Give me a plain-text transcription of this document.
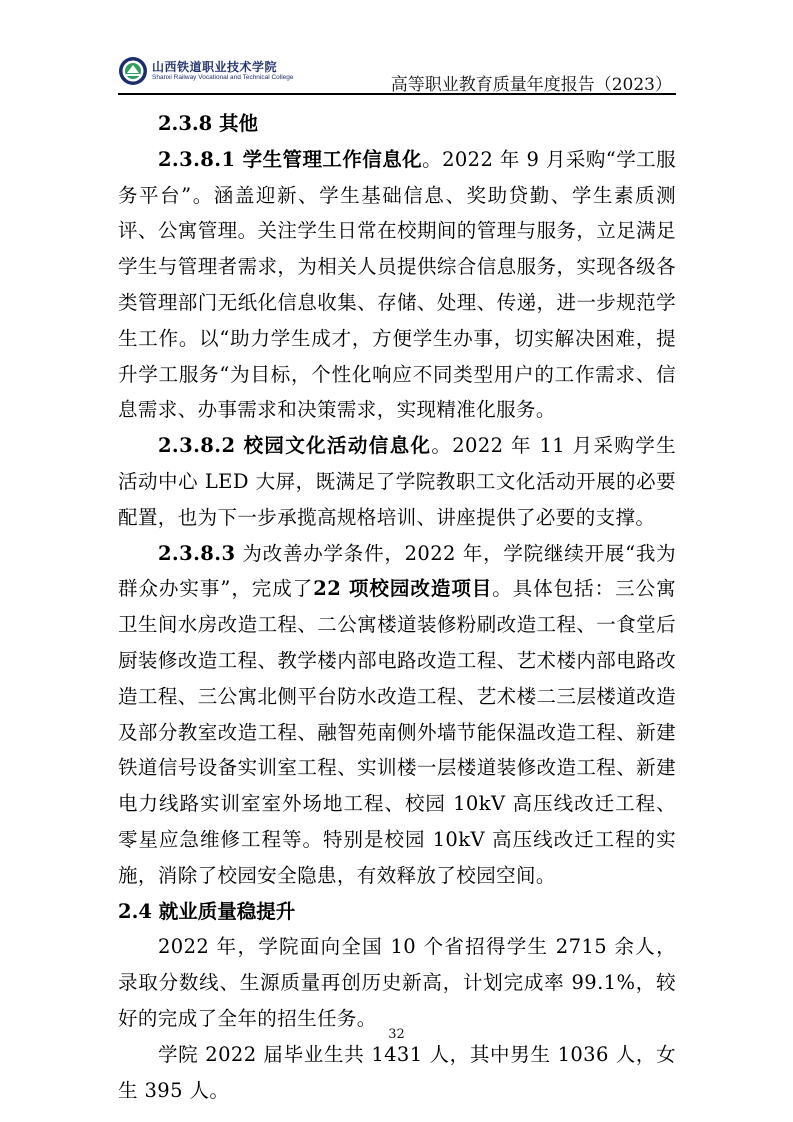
山西铁道职业技术学院
Shanxi Railway Vocational and Technical College	高等职业教育质量年度报告（2023）

2.3.8 其他

2.3.8.1 学生管理工作信息化。2022 年 9 月采购“学工服务平台”。涵盖迎新、学生基础信息、奖助贷勤、学生素质测评、公寓管理。关注学生日常在校期间的管理与服务，立足满足学生与管理者需求，为相关人员提供综合信息服务，实现各级各类管理部门无纸化信息收集、存储、处理、传递，进一步规范学生工作。以“助力学生成才，方便学生办事，切实解决困难，提升学工服务“为目标，个性化响应不同类型用户的工作需求、信息需求、办事需求和决策需求，实现精准化服务。

2.3.8.2 校园文化活动信息化。2022 年 11 月采购学生活动中心 LED 大屏，既满足了学院教职工文化活动开展的必要配置，也为下一步承揽高规格培训、讲座提供了必要的支撑。

2.3.8.3 为改善办学条件，2022 年，学院继续开展“我为群众办实事”，完成了22 项校园改造项目。具体包括：三公寓卫生间水房改造工程、二公寓楼道装修粉刷改造工程、一食堂后厨装修改造工程、教学楼内部电路改造工程、艺术楼内部电路改造工程、三公寓北侧平台防水改造工程、艺术楼二三层楼道改造及部分教室改造工程、融智苑南侧外墙节能保温改造工程、新建铁道信号设备实训室工程、实训楼一层楼道装修改造工程、新建电力线路实训室室外场地工程、校园 10kV 高压线改迁工程、零星应急维修工程等。特别是校园 10kV 高压线改迁工程的实施，消除了校园安全隐患，有效释放了校园空间。

2.4 就业质量稳提升

2022 年，学院面向全国 10 个省招得学生 2715 余人，录取分数线、生源质量再创历史新高，计划完成率 99.1%，较好的完成了全年的招生任务。

学院 2022 届毕业生共 1431 人，其中男生 1036 人，女生 395 人。

32
